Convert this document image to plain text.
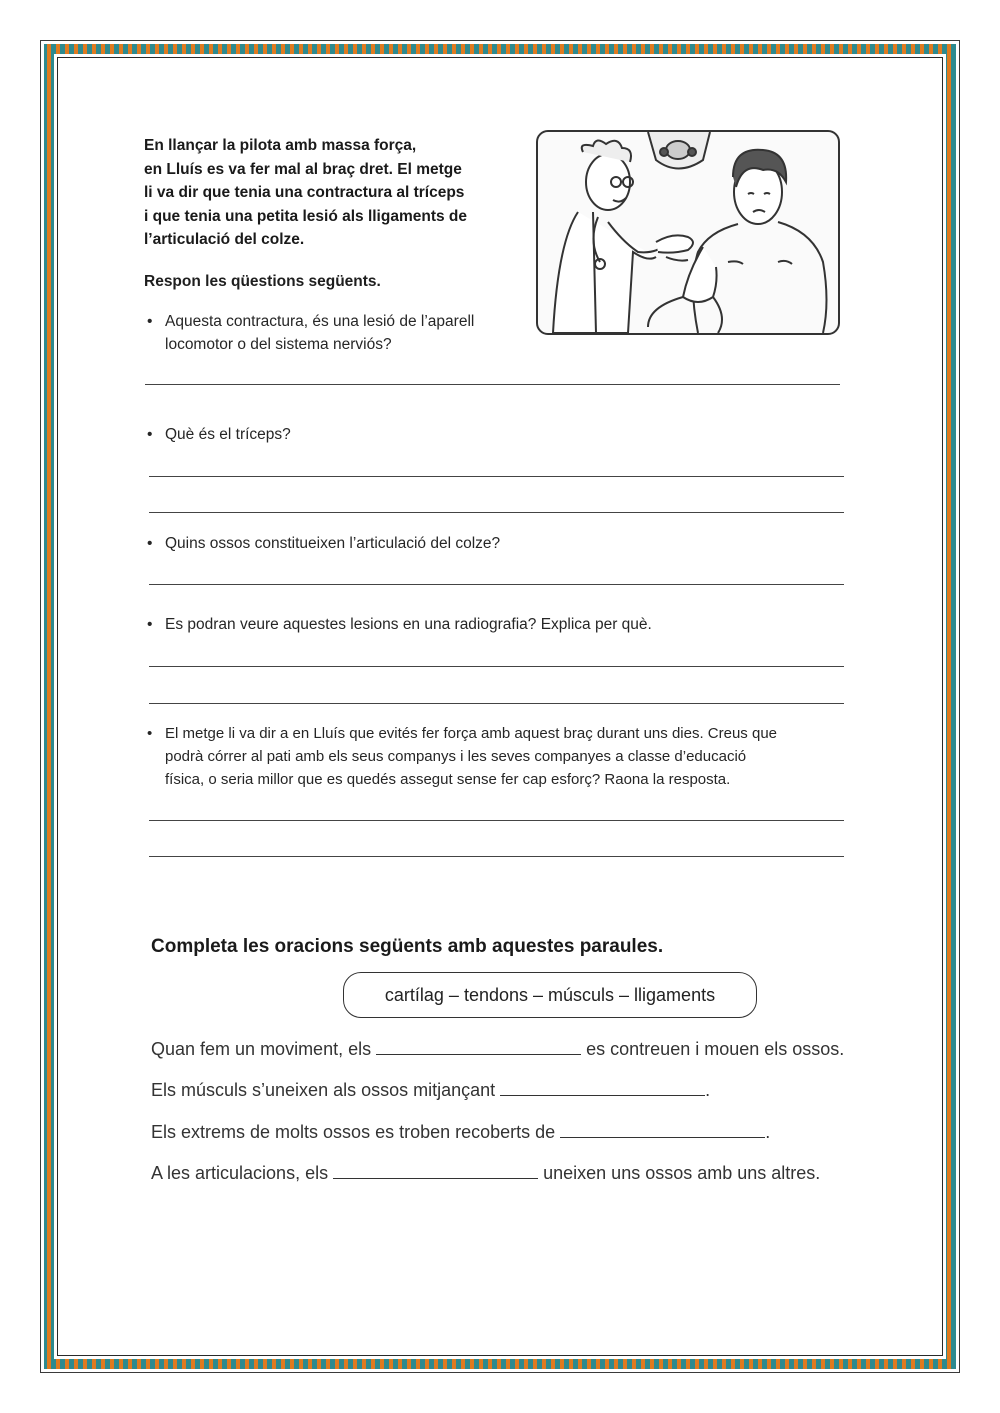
En llançar la pilota amb massa força,

en Lluís es va fer mal al braç dret. El metge

li va dir que tenia una contractura al tríceps

i que tenia una petita lesió als lligaments de

l’articulació del colze.

Respon les qüestions següents.
• Aquesta contractura, és una lesió de l’aparell
locomotor o del sistema nerviós?
• Què és el tríceps?
• Quins ossos constitueixen l’articulació del colze?
• Es podran veure aquestes lesions en una radiografia? Explica per què.
• El metge li va dir a en Lluís que evités fer força amb aquest braç durant uns dies. Creus que
podrà córrer al pati amb els seus companys i les seves companyes a classe d’educació
física, o seria millor que es quedés assegut sense fer cap esforç? Raona la resposta.
Completa les oracions següents amb aquestes paraules.
cartílag – tendons – músculs – lligaments
Quan fem un moviment, els	es contreuen i mouen els ossos.
Els músculs s’uneixen als ossos mitjançant	.
Els extrems de molts ossos es troben recoberts de	.
A les articulacions, els	uneixen uns ossos amb uns altres.
